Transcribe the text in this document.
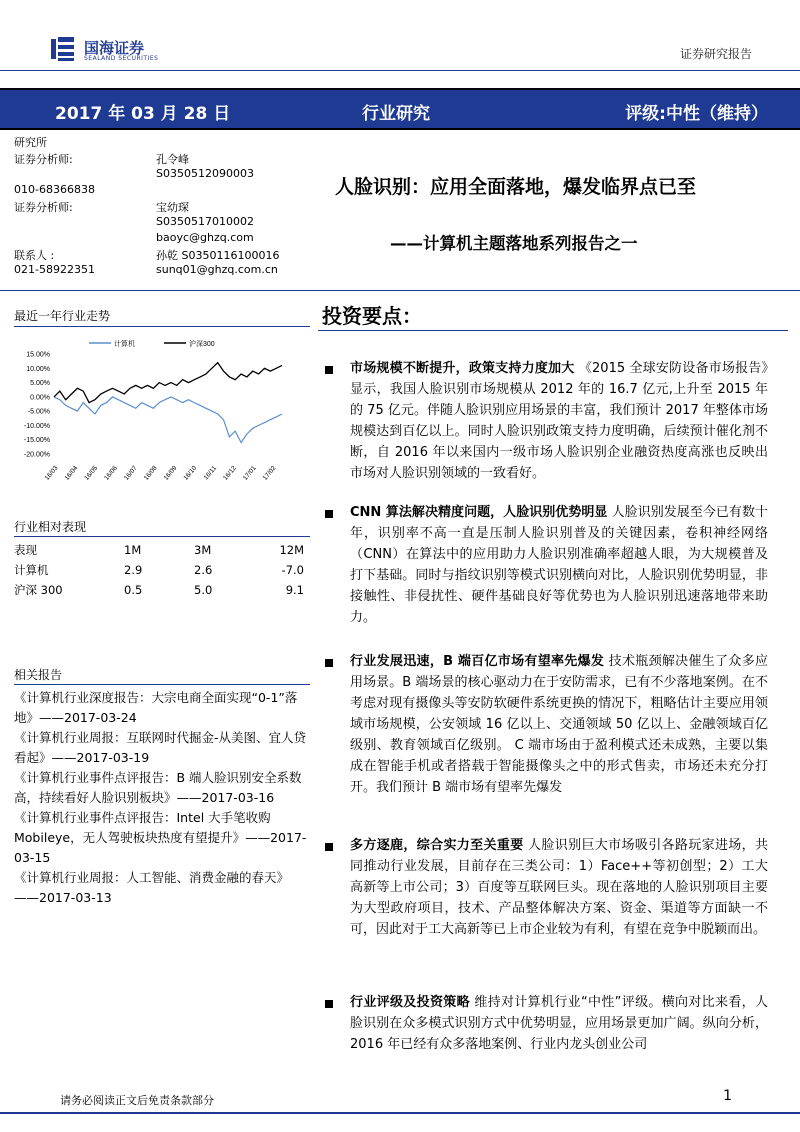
国海证券
SEALAND SECURITIES	证券研究报告
2017 年 03 月 28 日	行业研究	评级:中性（维持）
研究所
证券分析师:	孔令峰
S0350512090003
010-68366838
证券分析师:	宝幼琛
S0350517010002
baoyc@ghzq.com
联系人 :	孙乾 S0350116100016
021-58922351	sunq01@ghzq.com.cn
最近一年行业走势
15.00%
10.00%
5.00%
0.00%
-5.00%
-10.00%
-15.00%
-20.00%
16/03 16/04 16/05 16/06 16/07 16/08 16/09 16/10 16/11 16/12 17/01 17/02
计算机	沪深300
行业相对表现
表现	1M	3M	12M
计算机	2.9	2.6	-7.0
沪深 300	0.5	5.0	9.1
相关报告
《计算机行业深度报告：大宗电商全面实现“0-1”落地》——2017-03-24
《计算机行业周报：互联网时代掘金-从美图、宜人贷看起》——2017-03-19
《计算机行业事件点评报告：B 端人脸识别安全系数高，持续看好人脸识别板块》——2017-03-16
《计算机行业事件点评报告：Intel 大手笔收购 Mobileye，无人驾驶板块热度有望提升》——2017-03-15
《计算机行业周报：人工智能、消费金融的春天》——2017-03-13
人脸识别：应用全面落地，爆发临界点已至
——计算机主题落地系列报告之一
投资要点：
市场规模不断提升，政策支持力度加大 《2015 全球安防设备市场报告》显示，我国人脸识别市场规模从 2012 年的 16.7 亿元,上升至 2015 年的 75 亿元。伴随人脸识别应用场景的丰富，我们预计 2017 年整体市场规模达到百亿以上。同时人脸识别政策支持力度明确，后续预计催化剂不断，自 2016 年以来国内一级市场人脸识别企业融资热度高涨也反映出市场对人脸识别领域的一致看好。
CNN 算法解决精度问题，人脸识别优势明显 人脸识别发展至今已有数十年，识别率不高一直是压制人脸识别普及的关键因素，卷积神经网络（CNN）在算法中的应用助力人脸识别准确率超越人眼，为大规模普及打下基础。同时与指纹识别等模式识别横向对比，人脸识别优势明显，非接触性、非侵扰性、硬件基础良好等优势也为人脸识别迅速落地带来助力。
行业发展迅速，B 端百亿市场有望率先爆发 技术瓶颈解决催生了众多应用场景。B 端场景的核心驱动力在于安防需求，已有不少落地案例。在不考虑对现有摄像头等安防软硬件系统更换的情况下，粗略估计主要应用领域市场规模，公安领域 16 亿以上、交通领域 50 亿以上、金融领域百亿级别、教育领域百亿级别。 C 端市场由于盈利模式还未成熟，主要以集成在智能手机或者搭载于智能摄像头之中的形式售卖，市场还未充分打开。我们预计 B 端市场有望率先爆发
多方逐鹿，综合实力至关重要 人脸识别巨大市场吸引各路玩家进场，共同推动行业发展，目前存在三类公司：1）Face++等初创型；2）工大高新等上市公司；3）百度等互联网巨头。现在落地的人脸识别项目主要为大型政府项目，技术、产品整体解决方案、资金、渠道等方面缺一不可，因此对于工大高新等已上市企业较为有利，有望在竞争中脱颖而出。
行业评级及投资策略 维持对计算机行业“中性”评级。横向对比来看，人脸识别在众多模式识别方式中优势明显，应用场景更加广阔。纵向分析，2016 年已经有众多落地案例、行业内龙头创业公司
请务必阅读正文后免责条款部分	1
